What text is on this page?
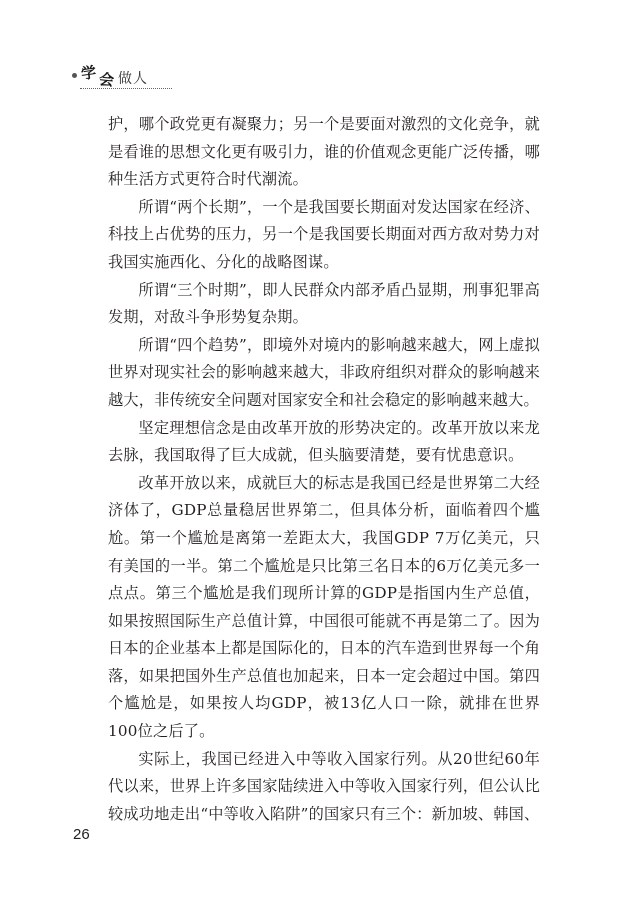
学 会 做人

护，哪个政党更有凝聚力；另一个是要面对激烈的文化竞争，就是看谁的思想文化更有吸引力，谁的价值观念更能广泛传播，哪种生活方式更符合时代潮流。

所谓“两个长期”，一个是我国要长期面对发达国家在经济、科技上占优势的压力，另一个是我国要长期面对西方敌对势力对我国实施西化、分化的战略图谋。

所谓“三个时期”，即人民群众内部矛盾凸显期，刑事犯罪高发期，对敌斗争形势复杂期。

所谓“四个趋势”，即境外对境内的影响越来越大，网上虚拟世界对现实社会的影响越来越大，非政府组织对群众的影响越来越大，非传统安全问题对国家安全和社会稳定的影响越来越大。

坚定理想信念是由改革开放的形势决定的。改革开放以来龙去脉，我国取得了巨大成就，但头脑要清楚，要有忧患意识。

改革开放以来，成就巨大的标志是我国已经是世界第二大经济体了，GDP总量稳居世界第二，但具体分析，面临着四个尴尬。第一个尴尬是离第一差距太大，我国GDP 7万亿美元，只有美国的一半。第二个尴尬是只比第三名日本的6万亿美元多一点点。第三个尴尬是我们现所计算的GDP是指国内生产总值，如果按照国际生产总值计算，中国很可能就不再是第二了。因为日本的企业基本上都是国际化的，日本的汽车造到世界每一个角落，如果把国外生产总值也加起来，日本一定会超过中国。第四个尴尬是，如果按人均GDP，被13亿人口一除，就排在世界100位之后了。

实际上，我国已经进入中等收入国家行列。从20世纪60年代以来，世界上许多国家陆续进入中等收入国家行列，但公认比较成功地走出“中等收入陷阱”的国家只有三个：新加坡、韩国、

26
